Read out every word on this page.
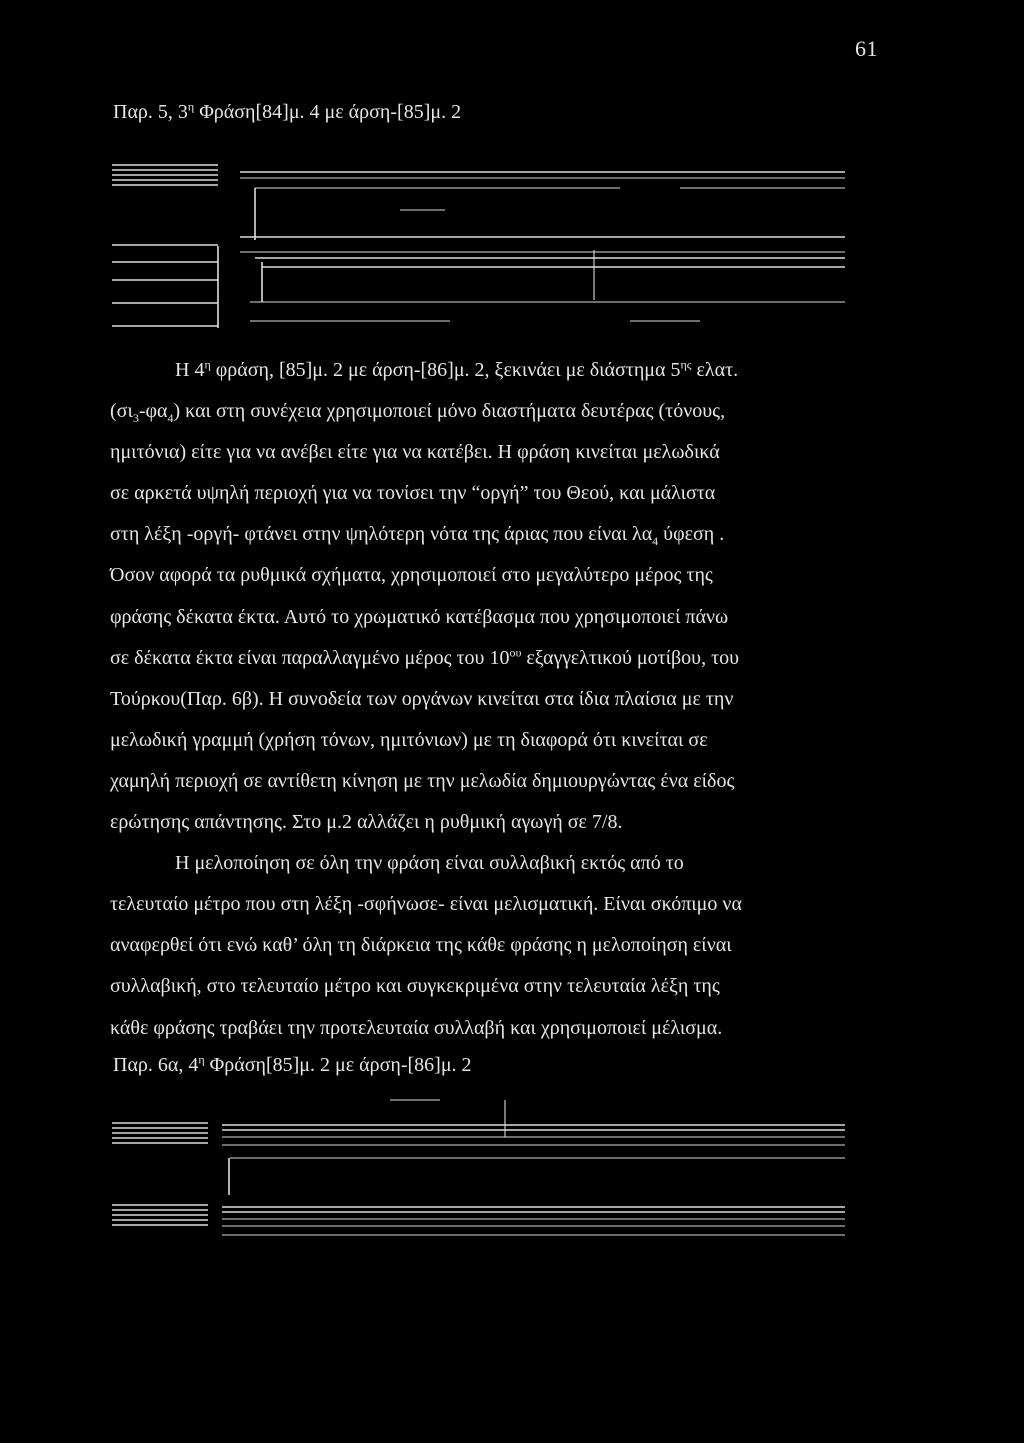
61
Παρ. 5, $3^\eta$ Φράση[84]μ. 4 με άρση-[85]μ. 2

Η $4^\eta$ φράση, [85]μ. 2 με άρση-[86]μ. 2, ξεκινάει με διάστημα $5^{\eta\varsigma}$ ελατ.
$(\sigma\iota_3-\varphi\alpha_4)$ και στη συνέχεια χρησιμοποιεί μόνο διαστήματα δευτέρας (τόνους,
ημιτόνια) είτε για να ανέβει είτε για να κατέβει. Η φράση κινείται μελωδικά
σε αρκετά υψηλή περιοχή για να τονίσει την “οργή” του Θεού, και μάλιστα
στη λέξη -οργή- φτάνει στην ψηλότερη νότα της άριας που είναι $\lambda\alpha_4$ ύφεση .
Όσον αφορά τα ρυθμικά σχήματα, χρησιμοποιεί στο μεγαλύτερο μέρος της
φράσης δέκατα έκτα. Αυτό το χρωματικό κατέβασμα που χρησιμοποιεί πάνω
σε δέκατα έκτα είναι παραλλαγμένο μέρος του $10^{o\upsilon}$ εξαγγελτικού μοτίβου, του
Τούρκου(Παρ. 6β). Η συνοδεία των οργάνων κινείται στα ίδια πλαίσια με την
μελωδική γραμμή (χρήση τόνων, ημιτόνιων) με τη διαφορά ότι κινείται σε
χαμηλή περιοχή σε αντίθετη κίνηση με την μελωδία δημιουργώντας ένα είδος
ερώτησης απάντησης. Στο μ.2 αλλάζει η ρυθμική αγωγή σε 7/8.
Η μελοποίηση σε όλη την φράση είναι συλλαβική εκτός από το
τελευταίο μέτρο που στη λέξη -σφήνωσε- είναι μελισματική. Είναι σκόπιμο να
αναφερθεί ότι ενώ καθ’ όλη τη διάρκεια της κάθε φράσης η μελοποίηση είναι
συλλαβική, στο τελευταίο μέτρο και συγκεκριμένα στην τελευταία λέξη της
κάθε φράσης τραβάει την προτελευταία συλλαβή και χρησιμοποιεί μέλισμα.

Παρ. 6α, $4^\eta$ Φράση[85]μ. 2 με άρση-[86]μ. 2
